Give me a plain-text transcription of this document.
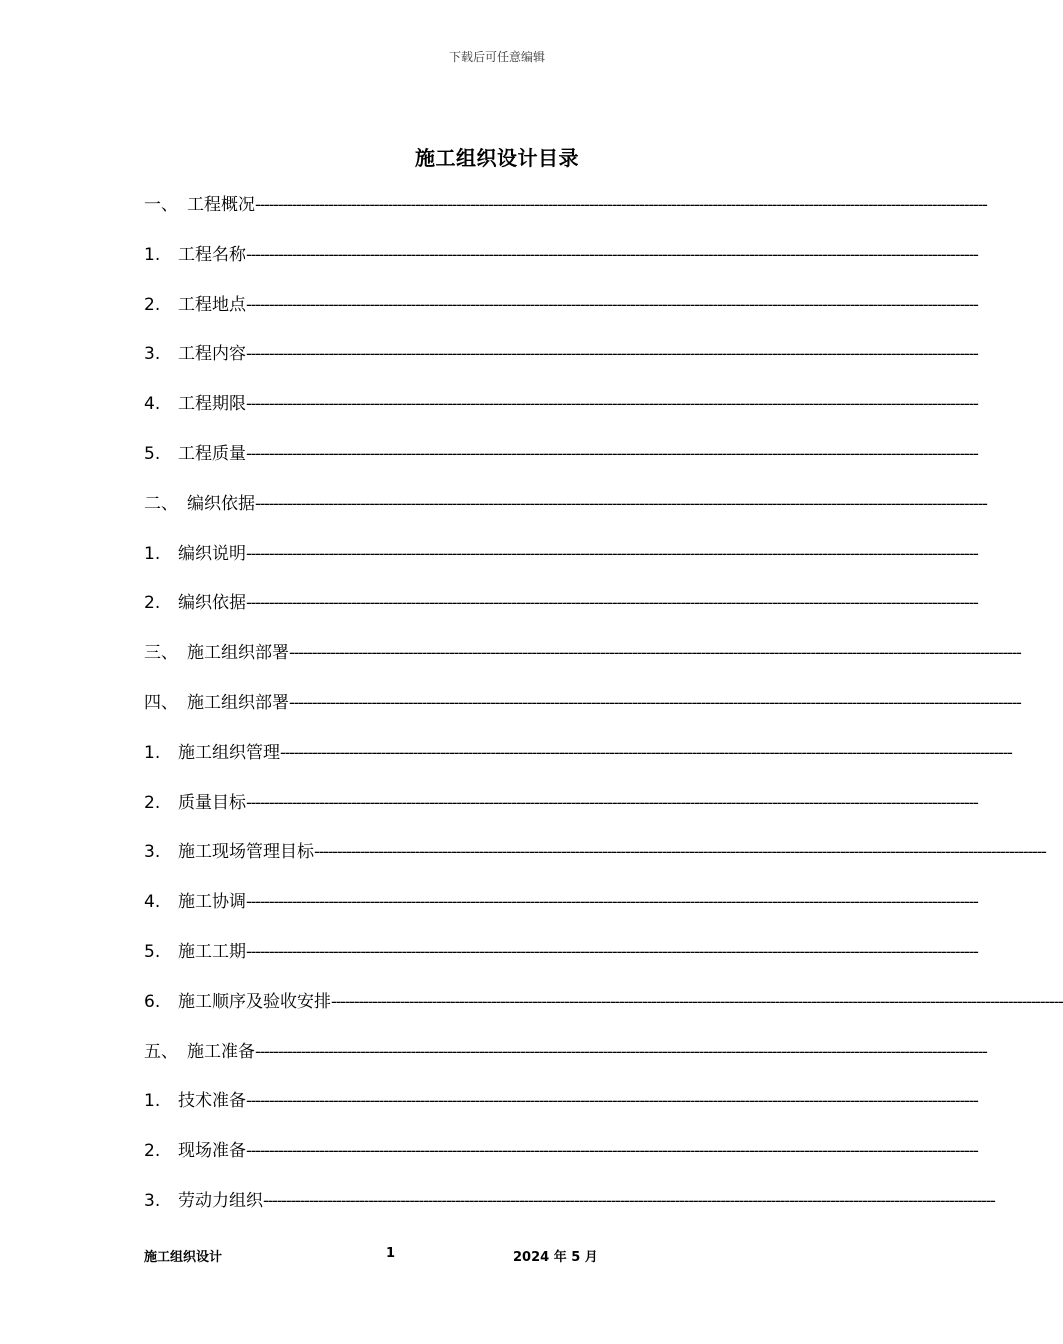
下载后可任意编辑
施工组织设计目录
一、 工程概况----------------------------------------------------------------------------------------------------------------------------------------------------------------
1. 工程名称----------------------------------------------------------------------------------------------------------------------------------------------------------------
2. 工程地点----------------------------------------------------------------------------------------------------------------------------------------------------------------
3. 工程内容----------------------------------------------------------------------------------------------------------------------------------------------------------------
4. 工程期限----------------------------------------------------------------------------------------------------------------------------------------------------------------
5. 工程质量----------------------------------------------------------------------------------------------------------------------------------------------------------------
二、 编织依据----------------------------------------------------------------------------------------------------------------------------------------------------------------
1. 编织说明----------------------------------------------------------------------------------------------------------------------------------------------------------------
2. 编织依据----------------------------------------------------------------------------------------------------------------------------------------------------------------
三、 施工组织部署----------------------------------------------------------------------------------------------------------------------------------------------------------------
四、 施工组织部署----------------------------------------------------------------------------------------------------------------------------------------------------------------
1. 施工组织管理----------------------------------------------------------------------------------------------------------------------------------------------------------------
2. 质量目标----------------------------------------------------------------------------------------------------------------------------------------------------------------
3. 施工现场管理目标----------------------------------------------------------------------------------------------------------------------------------------------------------------
4. 施工协调----------------------------------------------------------------------------------------------------------------------------------------------------------------
5. 施工工期----------------------------------------------------------------------------------------------------------------------------------------------------------------
6. 施工顺序及验收安排----------------------------------------------------------------------------------------------------------------------------------------------------------------
五、 施工准备----------------------------------------------------------------------------------------------------------------------------------------------------------------
1. 技术准备----------------------------------------------------------------------------------------------------------------------------------------------------------------
2. 现场准备----------------------------------------------------------------------------------------------------------------------------------------------------------------
3. 劳动力组织----------------------------------------------------------------------------------------------------------------------------------------------------------------
施工组织设计	1	2024 年 5 月
